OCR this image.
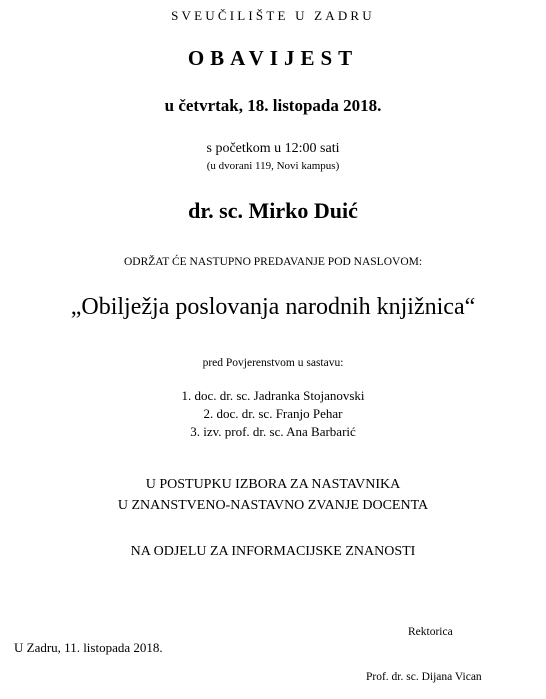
SVEUČILIŠTE U ZADRU
OBAVIJEST
u četvrtak, 18. listopada 2018.
s početkom u 12:00 sati
(u dvorani 119, Novi kampus)
dr. sc. Mirko Duić
ODRŽAT ĆE NASTUPNO PREDAVANJE POD NASLOVOM:
„Obilježja poslovanja narodnih knjižnica“
pred Povjerenstvom u sastavu:
1. doc. dr. sc. Jadranka Stojanovski
2. doc. dr. sc. Franjo Pehar
3. izv. prof. dr. sc. Ana Barbarić
U POSTUPKU IZBORA ZA NASTAVNIKA
U ZNANSTVENO-NASTAVNO ZVANJE DOCENTA
NA ODJELU ZA INFORMACIJSKE ZNANOSTI
U Zadru, 11. listopada 2018.
Rektorica
Prof. dr. sc. Dijana Vican
